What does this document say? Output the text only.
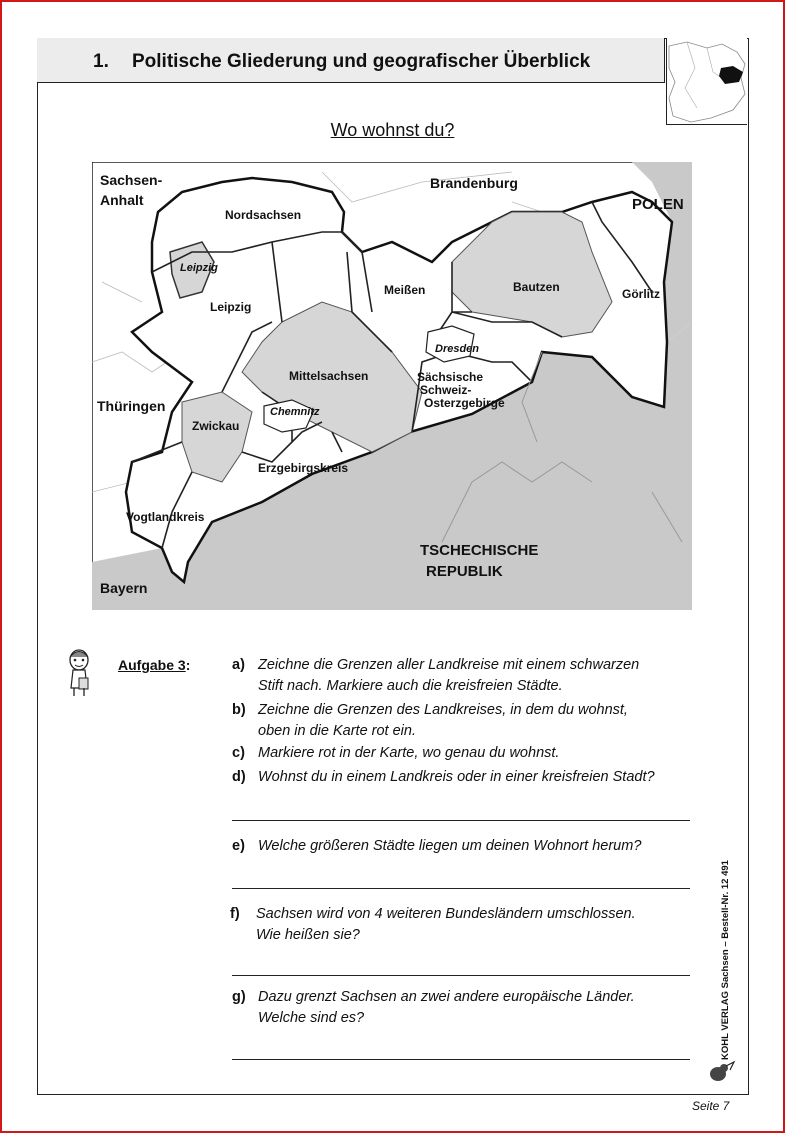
1. Politische Gliederung und geografischer Überblick
Wo wohnst du?
Sachsen-
Anhalt
Brandenburg
POLEN
Nordsachsen
Leipzig
Leipzig
Meißen	Bautzen	Görlitz
Dresden
Mittelsachsen	Sächsische
Schweiz-
Osterzgebirge
Thüringen	Chemnitz
Zwickau
Erzgebirgskreis
Vogtlandkreis
TSCHECHISCHE
REPUBLIK
Bayern
Aufgabe 3:	a) Zeichne die Grenzen aller Landkreise mit einem schwarzen
Stift nach. Markiere auch die kreisfreien Städte.
b) Zeichne die Grenzen des Landkreises, in dem du wohnst,
oben in die Karte rot ein.
c) Markiere rot in der Karte, wo genau du wohnst.
d) Wohnst du in einem Landkreis oder in einer kreisfreien Stadt?
e) Welche größeren Städte liegen um deinen Wohnort herum?
f) Sachsen wird von 4 weiteren Bundesländern umschlossen.
Wie heißen sie?
g) Dazu grenzt Sachsen an zwei andere europäische Länder.
Welche sind es?	KOHL VERLAG Sachsen – Bestell-Nr. 12 491
Seite 7
